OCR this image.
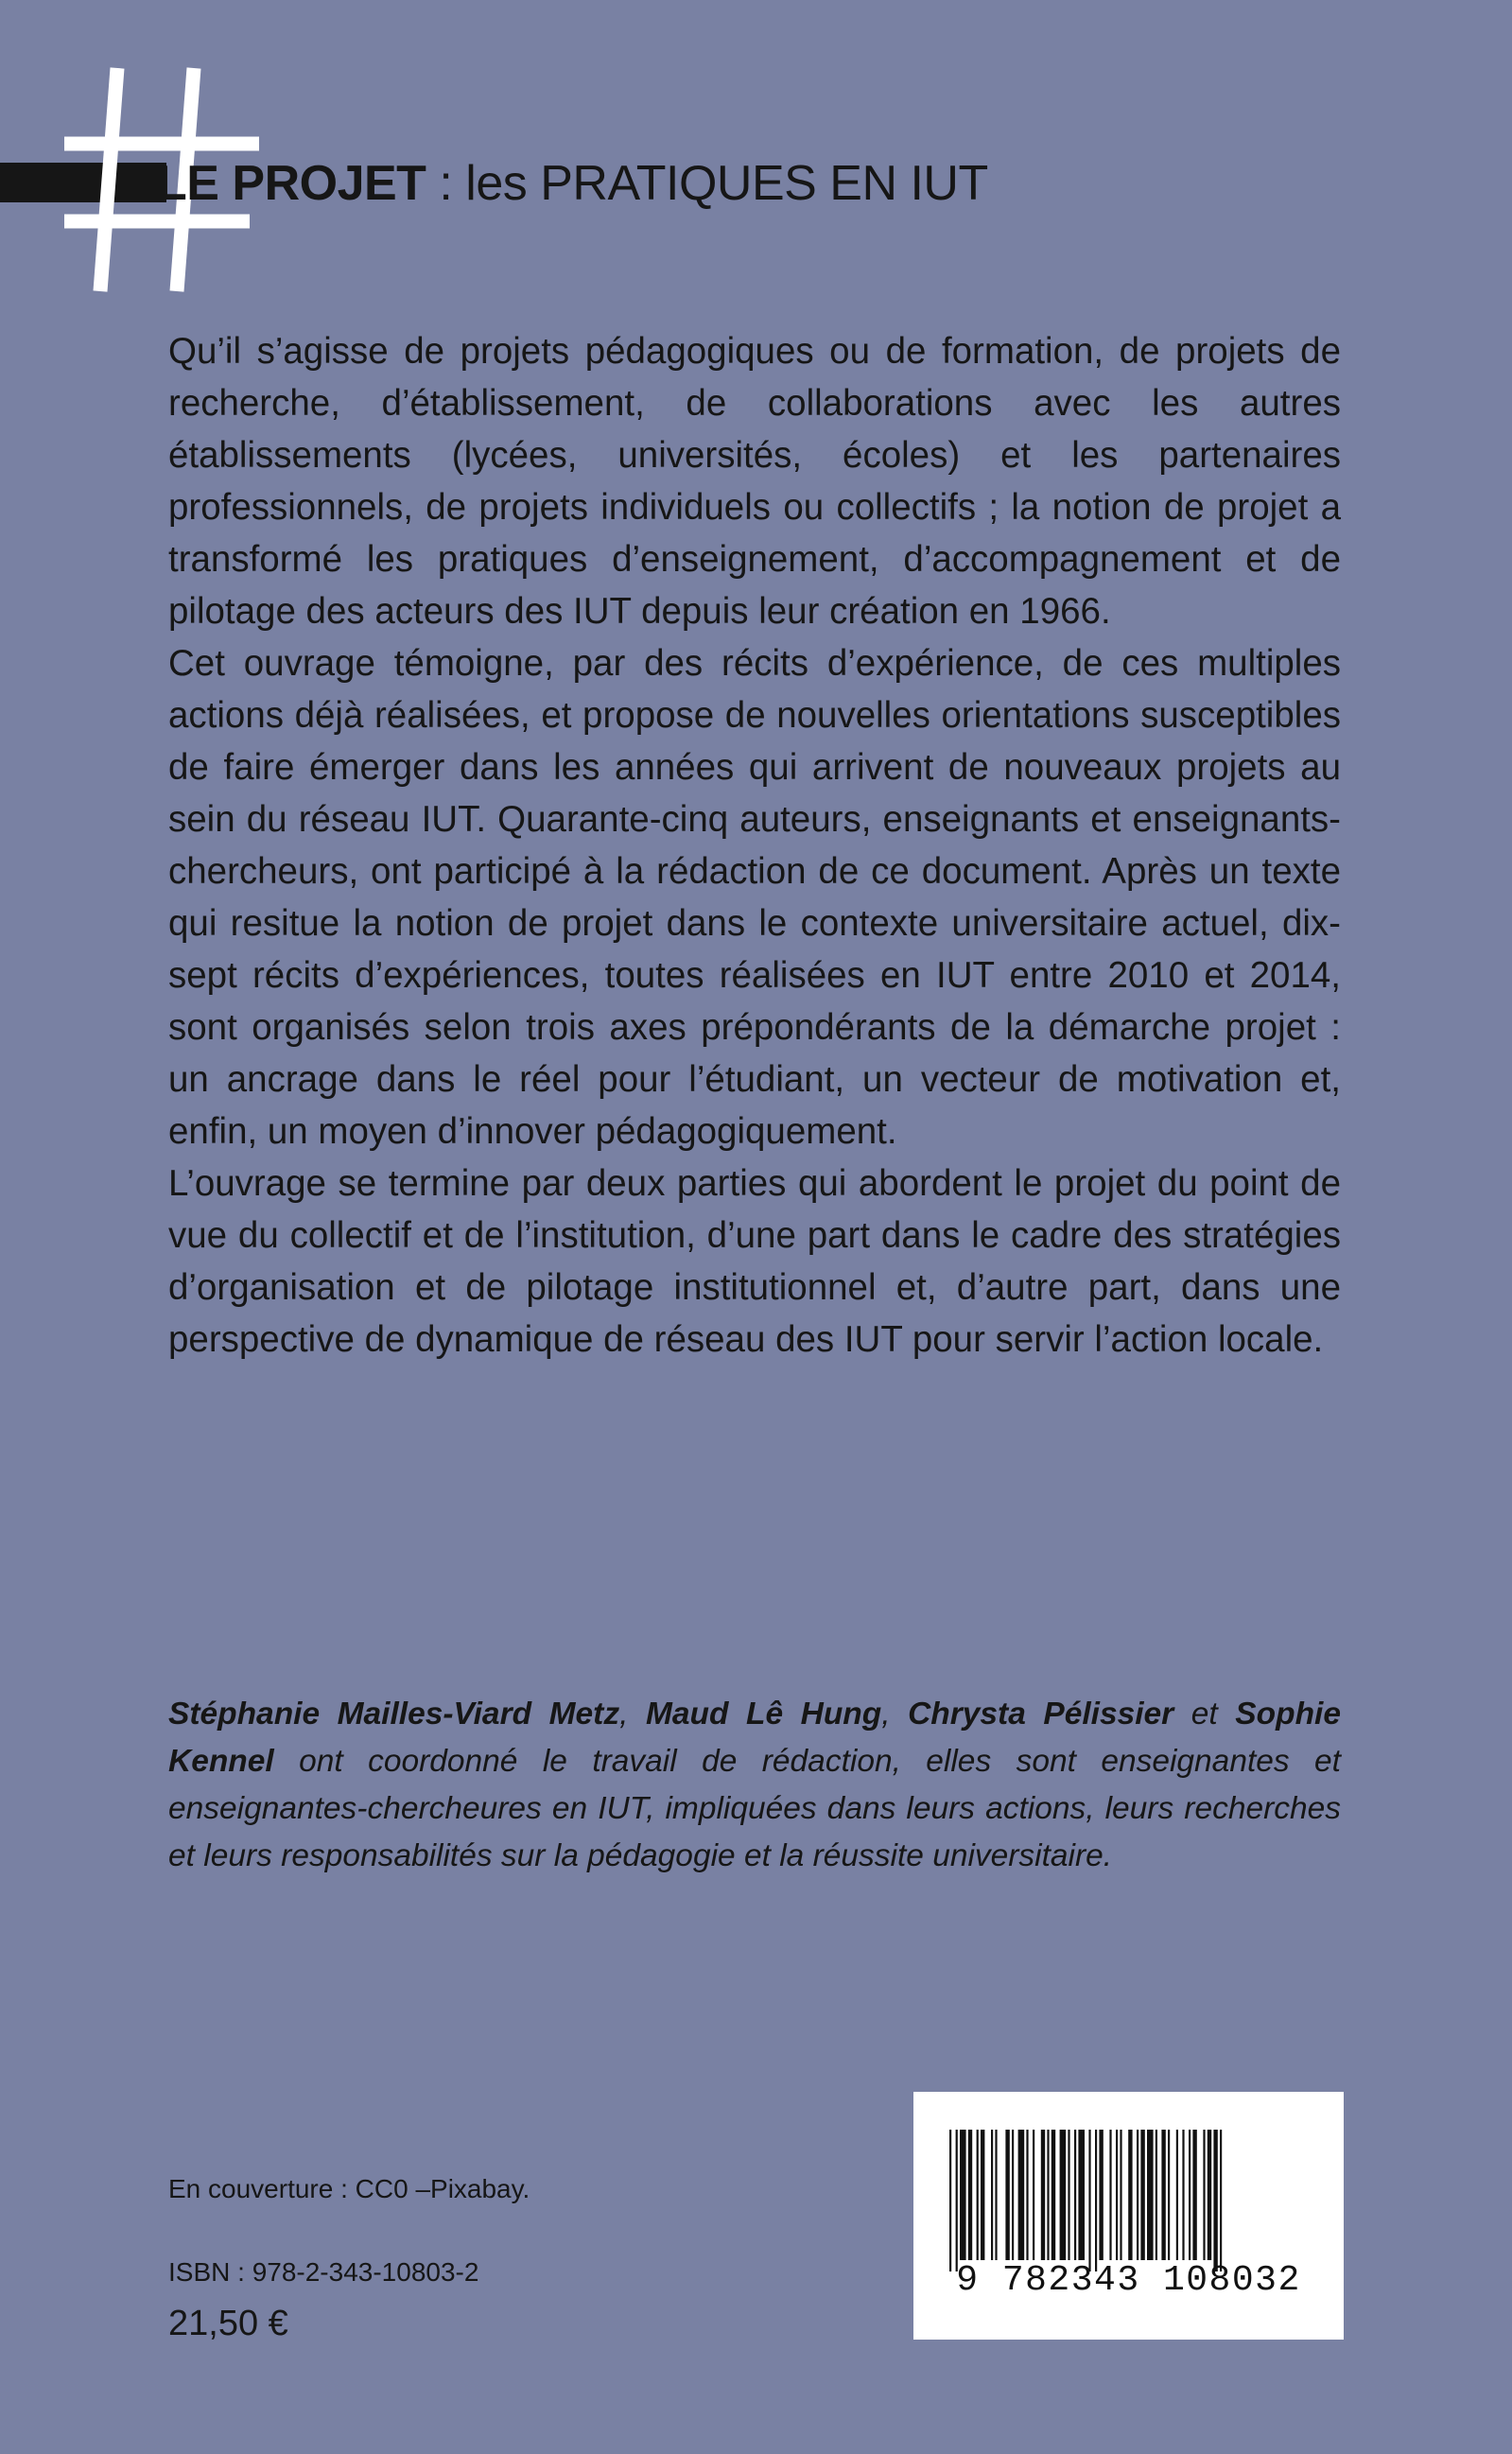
LE PROJET : les PRATIQUES EN IUT

Qu’il s’agisse de projets pédagogiques ou de formation, de projets de recherche, d’établissement, de collaborations avec les autres établissements (lycées, universités, écoles) et les partenaires professionnels, de projets individuels ou collectifs ; la notion de projet a transformé les pratiques d’enseignement, d’accompagnement et de pilotage des acteurs des IUT depuis leur création en 1966.

Cet ouvrage témoigne, par des récits d’expérience, de ces multiples actions déjà réalisées, et propose de nouvelles orientations susceptibles de faire émerger dans les années qui arrivent de nouveaux projets au sein du réseau IUT. Quarante-cinq auteurs, enseignants et enseignants-chercheurs, ont participé à la rédaction de ce document. Après un texte qui resitue la notion de projet dans le contexte universitaire actuel, dix-sept récits d’expériences, toutes réalisées en IUT entre 2010 et 2014, sont organisés selon trois axes prépondérants de la démarche projet : un ancrage dans le réel pour l’étudiant, un vecteur de motivation et, enfin, un moyen d’innover pédagogiquement.

L’ouvrage se termine par deux parties qui abordent le projet du point de vue du collectif et de l’institution, d’une part dans le cadre des stratégies d’organisation et de pilotage institutionnel et, d’autre part, dans une perspective de dynamique de réseau des IUT pour servir l’action locale.

Stéphanie Mailles-Viard Metz, Maud Lê Hung, Chrysta Pélissier et Sophie Kennel ont coordonné le travail de rédaction, elles sont enseignantes et enseignantes-chercheures en IUT, impliquées dans leurs actions, leurs recherches et leurs responsabilités sur la pédagogie et la réussite universitaire.

En couverture : CC0 –Pixabay.
ISBN : 978-2-343-10803-2
21,50 €
9 782343 108032
